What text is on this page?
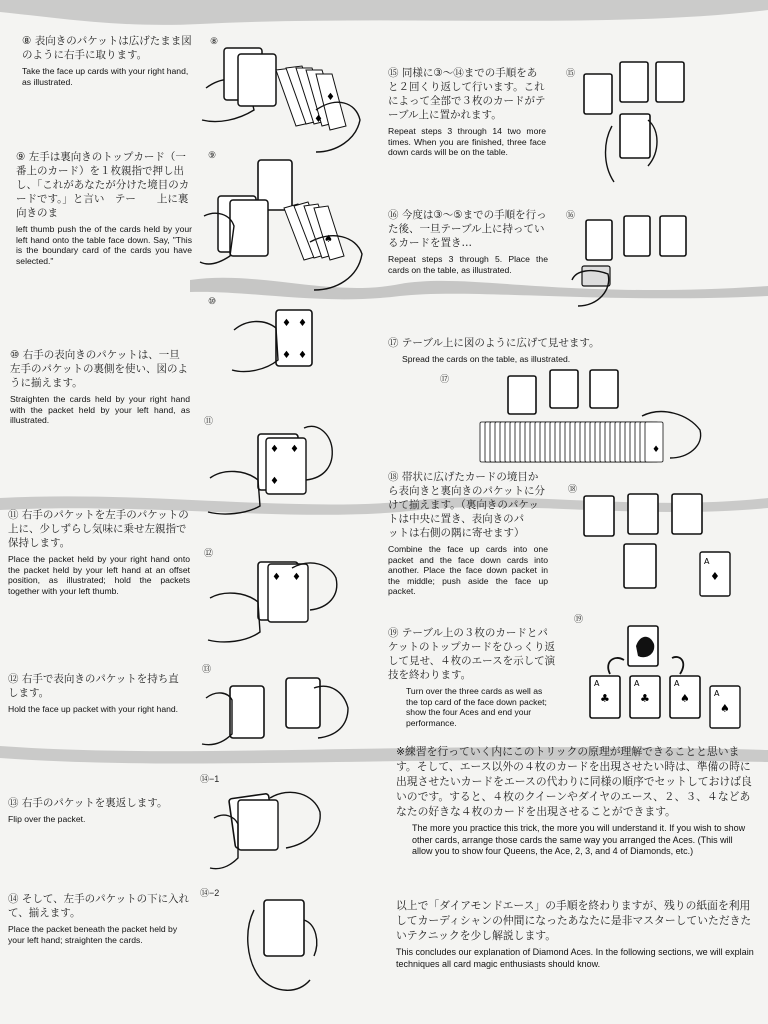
⑧ 表向きのパケットは広げたまま図のように右手に取ります。
Take the face up cards with your right hand, as illustrated.
⑨ 左手は裏向きのトップカード（一番上のカード）を１枚親指で押し出し、「これがあなたが分けた境目のカードです。」と言い　テー　　上に裏向きのま
left thumb push the of the cards held by your left hand onto the table face down. Say, "This is the boundary card of the cards you have selected."
⑩ 右手の表向きのパケットは、一旦左手のパケットの裏側を使い、図のように揃えます。
Straighten the cards held by your right hand with the packet held by your left hand, as illustrated.
⑪ 右手のパケットを左手のパケットの上に、少しずらし気味に乗せ左親指で保持します。
Place the packet held by your right hand onto the packet held by your left hand at an offset position, as illustrated; hold the packets together with your left thumb.
⑫ 右手で表向きのパケットを持ち直します。
Hold the face up packet with your right hand.
⑬ 右手のパケットを裏返します。
Flip over the packet.
⑭ そして、左手のパケットの下に入れて、揃えます。
Place the packet beneath the packet held by your left hand; straighten the cards.
⑧
⑨
⑩
⑪
⑫
⑬
⑭−1
⑭−2
♦
♦
♠
♦ ♦
♦ ♦
♦ ♦
♦
♦ ♦
⑮ 同様に③〜⑭までの手順をあと２回くり返して行います。これによって全部で３枚のカードがテーブル上に置かれます。
Repeat steps 3 through 14 two more times. When you are finished, three face down cards will be on the table.
⑮
⑯ 今度は③〜⑤までの手順を行った後、一旦テーブル上に持っているカードを置き…
Repeat steps 3 through 5. Place the cards on the table, as illustrated.
⑯
⑰ テーブル上に図のように広げて見せます。
Spread the cards on the table, as illustrated.
⑰
♦
⑱ 帯状に広げたカードの境目から表向きと裏向きのパケットに分けて揃えます。（裏向きのパケットは中央に置き、表向きのパ　　ットは右側の隅に寄せます）
Combine the face up cards into one packet and the face down cards into another. Place the face down packet in the middle; push aside the face up packet.
⑱
A
♦
⑲ テーブル上の３枚のカードとパケットのトップカードをひっくり返して見せ、４枚のエースを示して演技を終わります。
Turn over the three cards as well as the top card of the face down packet; show the four Aces and end your performance.
⑲
A
♣
A
♣
A
♠	A
♠
※練習を行っていく内にこのトリックの原理が理解できることと思います。そして、エース以外の４枚のカードを出現させたい時は、準備の時に出現させたいカードをエースの代わりに同様の順序でセットしておけば良いのです。すると、４枚のクイーンやダイヤのエース、２、３、４などあなたの好きな４枚のカードを出現させることができます。
The more you practice this trick, the more you will understand it. If you wish to show other cards, arrange those cards the same way you arranged the Aces. (This will allow you to show four Queens, the Ace, 2, 3, and 4 of Diamonds, etc.)
以上で「ダイアモンドエース」の手順を終わりますが、残りの紙面を利用してカーディシャンの仲間になったあなたに是非マスターしていただきたいテクニックを少し解説します。
This concludes our explanation of Diamond Aces. In the following sections, we will explain techniques all card magic enthusiasts should know.
